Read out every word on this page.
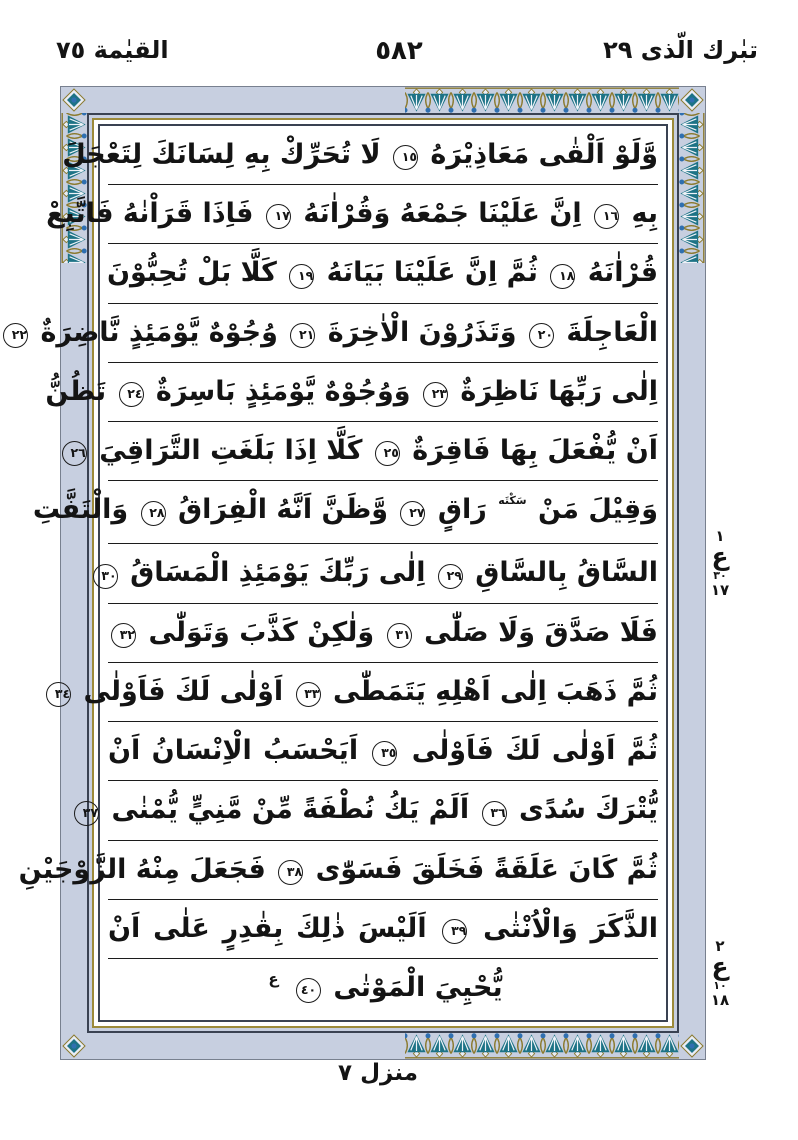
القيٰمة ٧٥	٥٨٢	تبٰرك الّذى ٢٩
وَّلَوْ اَلْقٰى مَعَاذِيْرَهُ ١٥ لَا تُحَرِّكْ بِهِ لِسَانَكَ لِتَعْجَلَ
بِهِ ١٦ اِنَّ عَلَيْنَا جَمْعَهُ وَقُرْاٰنَهُ ١٧ فَاِذَا قَرَاْنٰهُ فَاتَّبِعْ
قُرْاٰنَهُ ١٨ ثُمَّ اِنَّ عَلَيْنَا بَيَانَهُ ١٩ كَلَّا بَلْ تُحِبُّوْنَ
الْعَاجِلَةَ ٢٠ وَتَذَرُوْنَ الْاٰخِرَةَ ٢١ وُجُوْهٌ يَّوْمَئِذٍ نَّاضِرَةٌ ٢٢
اِلٰى رَبِّهَا نَاظِرَةٌ ٢٣ وَوُجُوْهٌ يَّوْمَئِذٍ بَاسِرَةٌ ٢٤ تَظُنُّ
اَنْ يُّفْعَلَ بِهَا فَاقِرَةٌ ٢٥ كَلَّا اِذَا بَلَغَتِ التَّرَاقِيَ ٢٦
وَقِيْلَ مَنْ $^{سَكْتَه}$ رَاقٍ ٢٧ وَّظَنَّ اَنَّهُ الْفِرَاقُ ٢٨ وَالْتَفَّتِ
السَّاقُ بِالسَّاقِ ٢٩ اِلٰى رَبِّكَ يَوْمَئِذِ الْمَسَاقُ ٣٠
فَلَا صَدَّقَ وَلَا صَلّٰى ٣١ وَلٰكِنْ كَذَّبَ وَتَوَلّٰى ٣٢
ثُمَّ ذَهَبَ اِلٰى اَهْلِهِ يَتَمَطّٰى ٣٣ اَوْلٰى لَكَ فَاَوْلٰى ٣٤
ثُمَّ اَوْلٰى لَكَ فَاَوْلٰى ٣٥ اَيَحْسَبُ الْاِنْسَانُ اَنْ
يُّتْرَكَ سُدًى ٣٦ اَلَمْ يَكُ نُطْفَةً مِّنْ مَّنِيٍّ يُّمْنٰى ٣٧
ثُمَّ كَانَ عَلَقَةً فَخَلَقَ فَسَوّٰى ٣٨ فَجَعَلَ مِنْهُ الزَّوْجَيْنِ
الذَّكَرَ وَالْاُنْثٰى ٣٩ اَلَيْسَ ذٰلِكَ بِقٰدِرٍ عَلٰى اَنْ
يُّحْيِيَ الْمَوْتٰى ٤٠ $^ع$
١
ع
٣٠
١٧
٢
ع
١٠
١٨
منزل ٧
